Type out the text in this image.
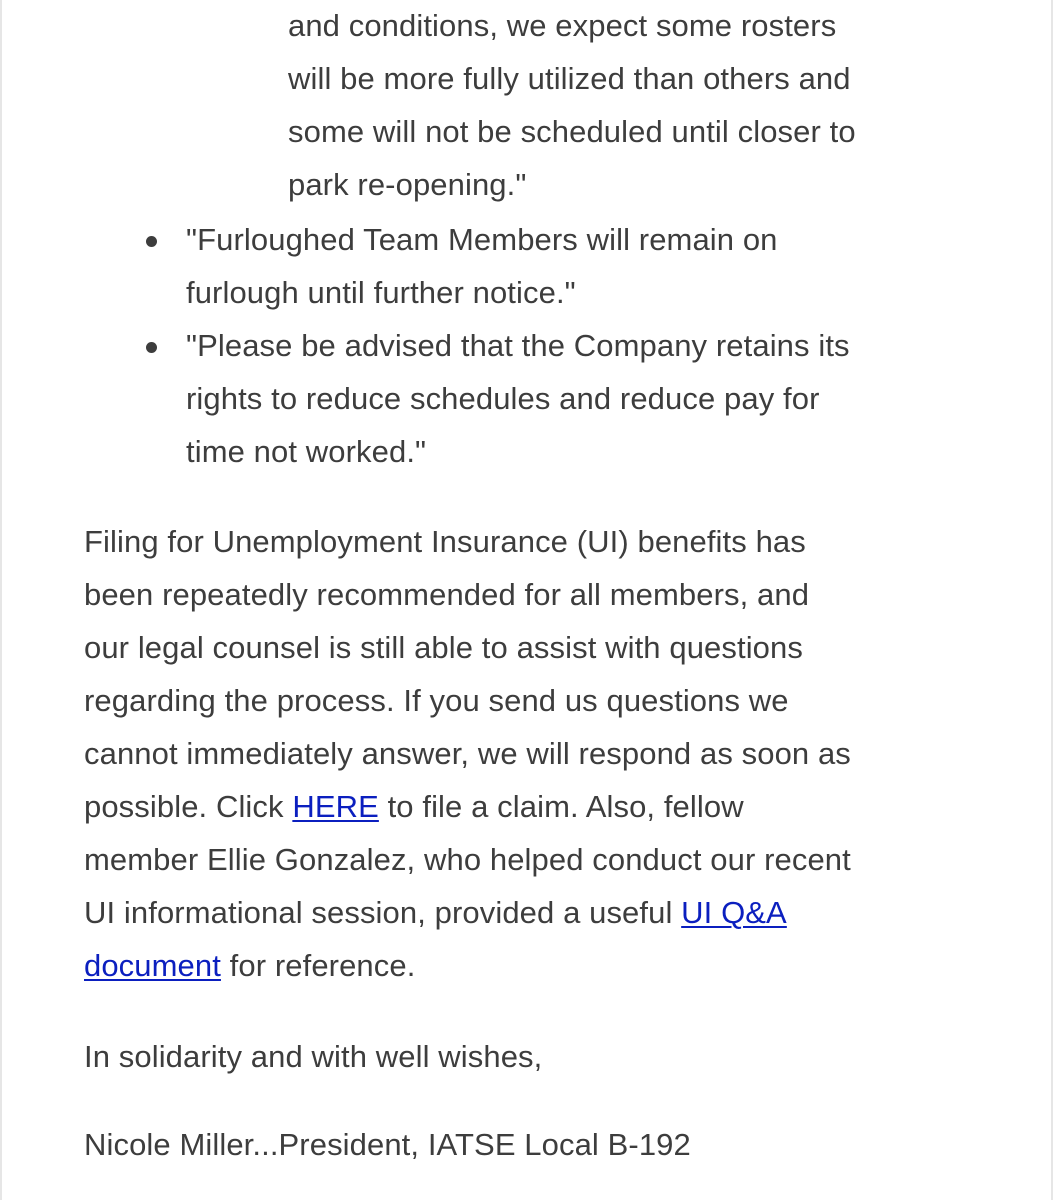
and conditions, we expect some rosters
will be more fully utilized than others and
some will not be scheduled until closer to
park re-opening."
"Furloughed Team Members will remain on
furlough until further notice."
"Please be advised that the Company retains its
rights to reduce schedules and reduce pay for
time not worked."
Filing for Unemployment Insurance (UI) benefits has
been repeatedly recommended for all members, and
our legal counsel is still able to assist with questions
regarding the process. If you send us questions we
cannot immediately answer, we will respond as soon as
possible. Click HERE to file a claim. Also, fellow
member Ellie Gonzalez, who helped conduct our recent
UI informational session, provided a useful UI Q&A
document for reference.
In solidarity and with well wishes,
Nicole Miller...President, IATSE Local B-192
